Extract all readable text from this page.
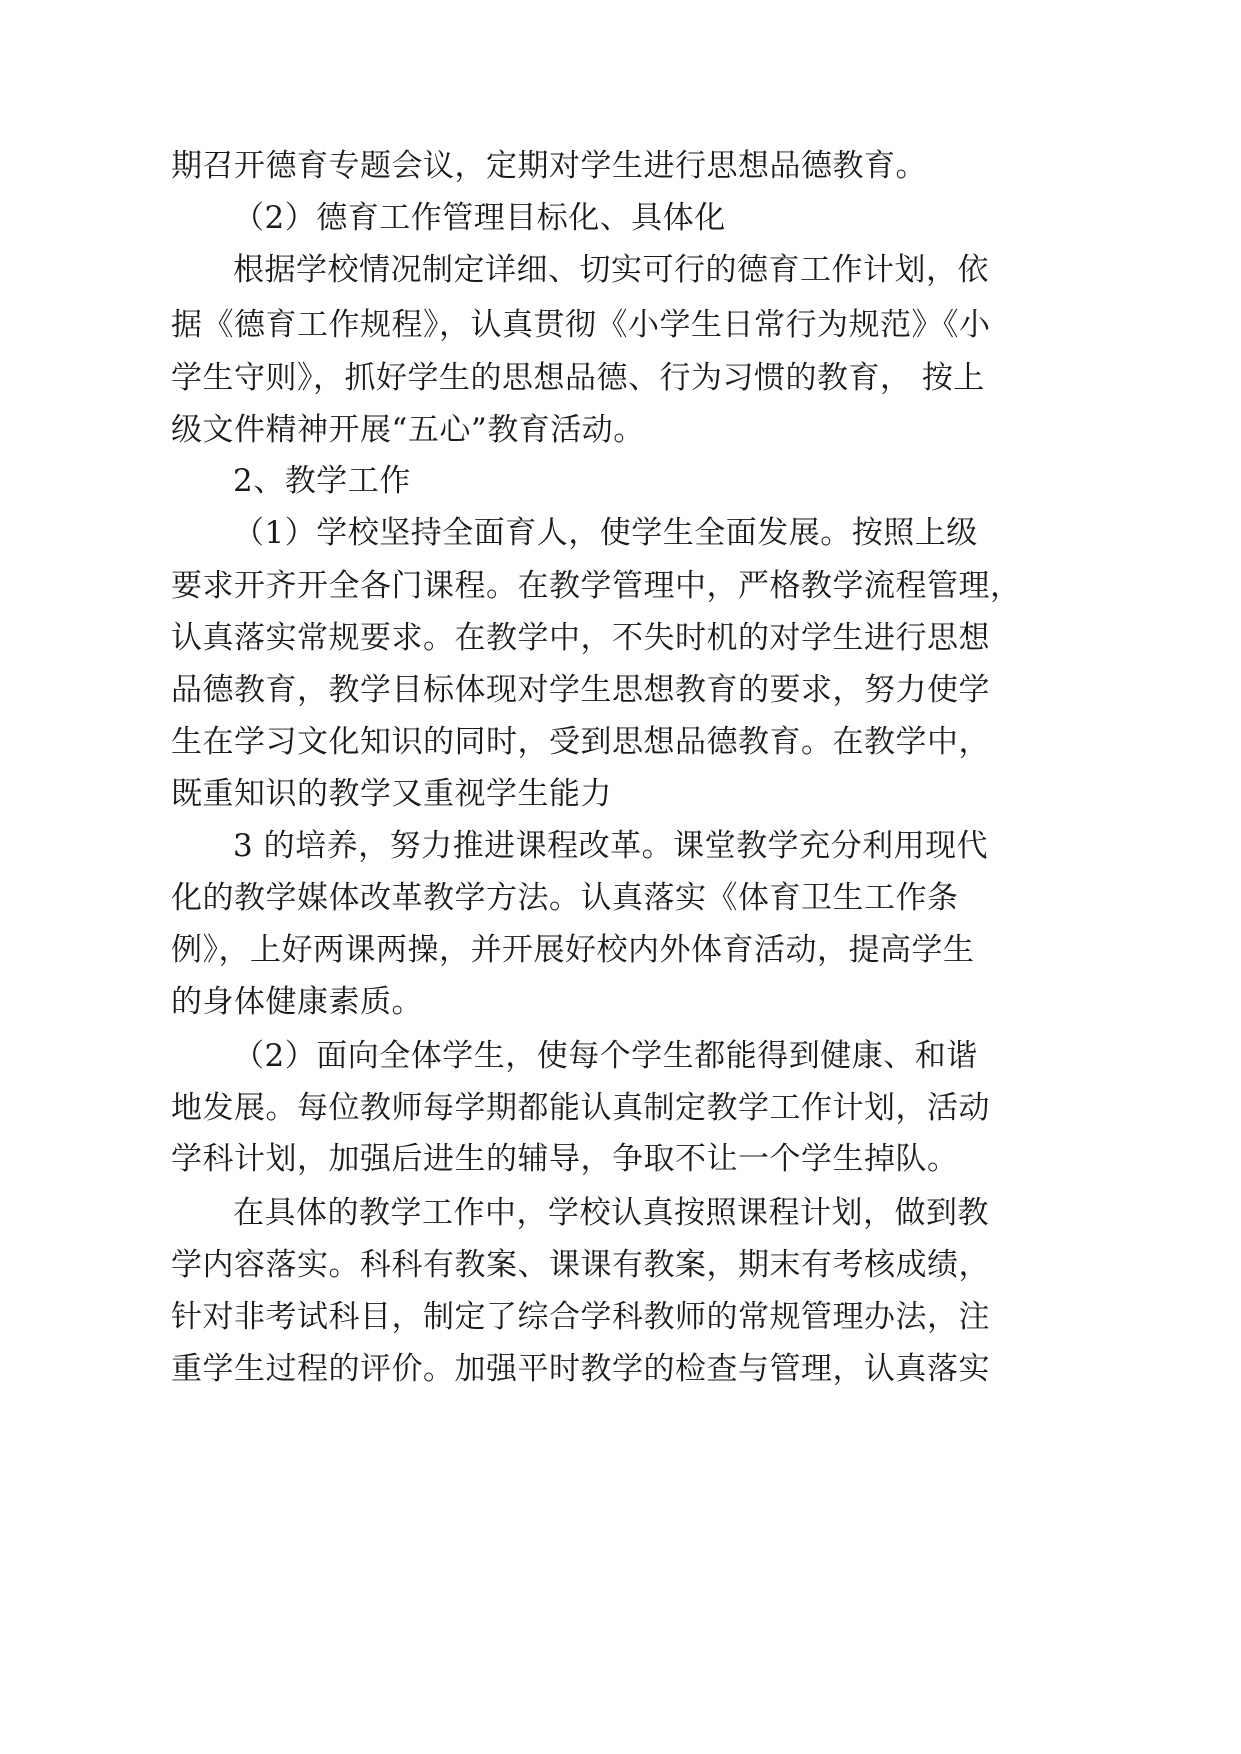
期召开德育专题会议，定期对学生进行思想品德教育。
（2）德育工作管理目标化、具体化
根据学校情况制定详细、切实可行的德育工作计划，依
据《德育工作规程》，认真贯彻《小学生日常行为规范》《小
学生守则》，抓好学生的思想品德、行为习惯的教育， 按上
级文件精神开展“五心”教育活动。
2、教学工作
（1）学校坚持全面育人，使学生全面发展。按照上级
要求开齐开全各门课程。在教学管理中，严格教学流程管理，
认真落实常规要求。在教学中，不失时机的对学生进行思想
品德教育，教学目标体现对学生思想教育的要求，努力使学
生在学习文化知识的同时，受到思想品德教育。在教学中，
既重知识的教学又重视学生能力
3 的培养，努力推进课程改革。课堂教学充分利用现代
化的教学媒体改革教学方法。认真落实《体育卫生工作条
例》，上好两课两操，并开展好校内外体育活动，提高学生
的身体健康素质。
（2）面向全体学生，使每个学生都能得到健康、和谐
地发展。每位教师每学期都能认真制定教学工作计划，活动
学科计划，加强后进生的辅导，争取不让一个学生掉队。
在具体的教学工作中，学校认真按照课程计划，做到教
学内容落实。科科有教案、课课有教案，期末有考核成绩，
针对非考试科目，制定了综合学科教师的常规管理办法，注
重学生过程的评价。加强平时教学的检查与管理，认真落实
